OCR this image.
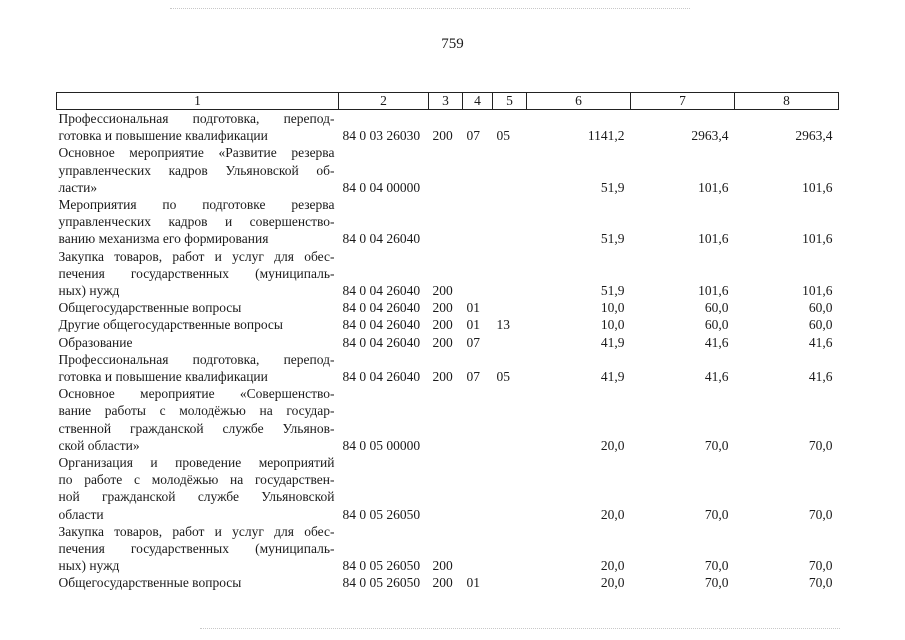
759
1	2	3	4	5	6	7	8

Профессиональная подготовка, перепод-
готовка и повышение квалификации	84 0 03 26030	200	07	05	1141,2	2963,4	2963,4

Основное мероприятие «Развитие резерва
управленческих кадров Ульяновской об-
ласти»	84 0 04 00000				51,9	101,6	101,6

Мероприятия по подготовке резерва
управленческих кадров и совершенство-
ванию механизма его формирования	84 0 04 26040				51,9	101,6	101,6

Закупка товаров, работ и услуг для обес-
печения государственных (муниципаль-
ных) нужд	84 0 04 26040	200			51,9	101,6	101,6

Общегосударственные вопросы	84 0 04 26040	200	01		10,0	60,0	60,0

Другие общегосударственные вопросы	84 0 04 26040	200	01	13	10,0	60,0	60,0

Образование	84 0 04 26040	200	07		41,9	41,6	41,6

Профессиональная подготовка, перепод-
готовка и повышение квалификации	84 0 04 26040	200	07	05	41,9	41,6	41,6

Основное мероприятие «Совершенство-
вание работы с молодёжью на государ-
ственной гражданской службе Ульянов-
ской области»	84 0 05 00000				20,0	70,0	70,0

Организация и проведение мероприятий
по работе с молодёжью на государствен-
ной гражданской службе Ульяновской
области	84 0 05 26050				20,0	70,0	70,0

Закупка товаров, работ и услуг для обес-
печения государственных (муниципаль-
ных) нужд	84 0 05 26050	200			20,0	70,0	70,0

Общегосударственные вопросы	84 0 05 26050	200	01		20,0	70,0	70,0
